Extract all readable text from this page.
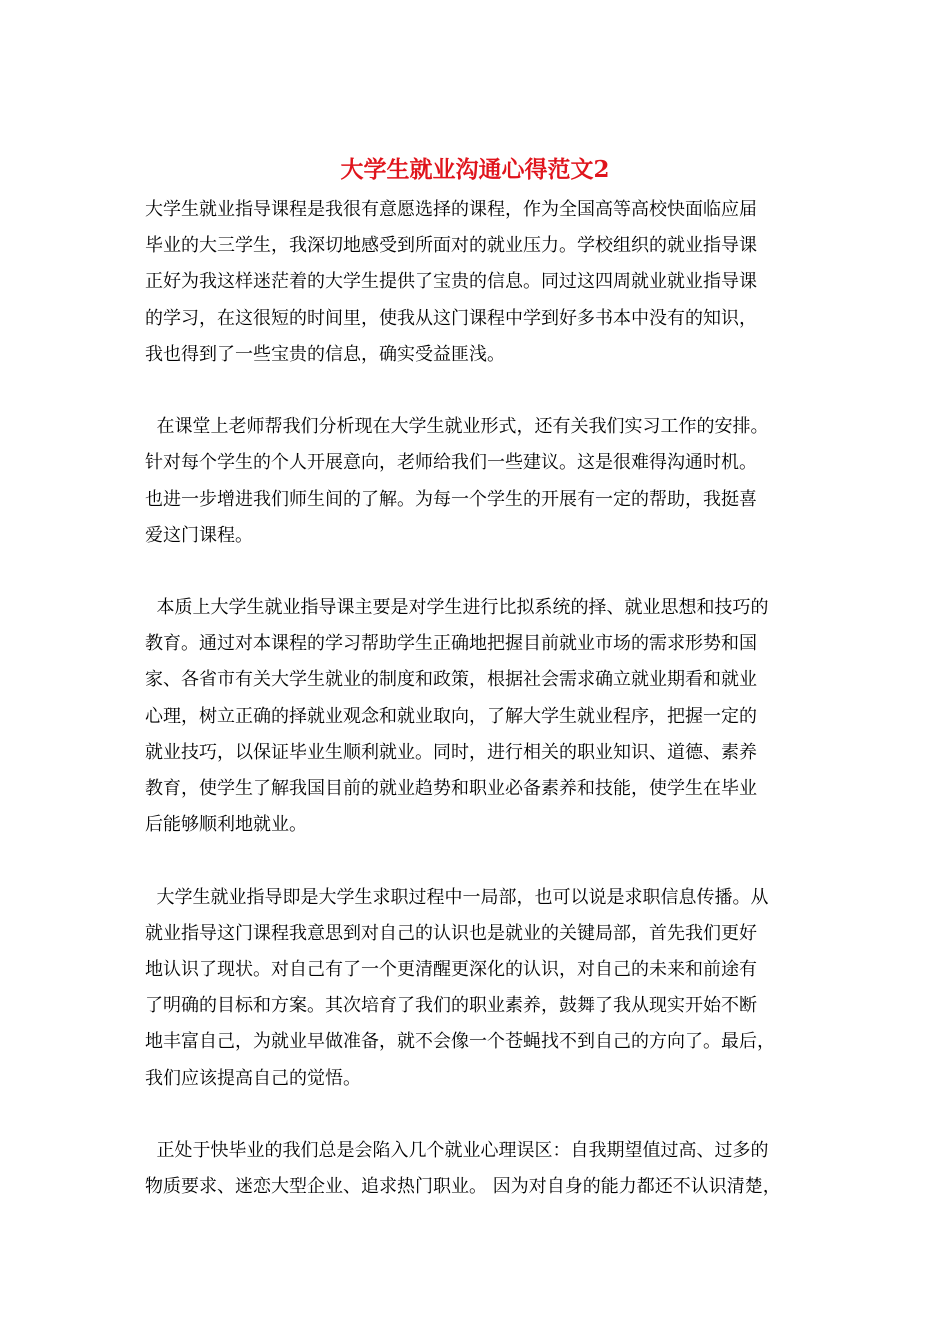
大学生就业沟通心得范文2
大学生就业指导课程是我很有意愿选择的课程，作为全国高等高校快面临应届
毕业的大三学生，我深切地感受到所面对的就业压力。学校组织的就业指导课
正好为我这样迷茫着的大学生提供了宝贵的信息。同过这四周就业就业指导课
的学习，在这很短的时间里，使我从这门课程中学到好多书本中没有的知识，
我也得到了一些宝贵的信息，确实受益匪浅。
在课堂上老师帮我们分析现在大学生就业形式，还有关我们实习工作的安排。
针对每个学生的个人开展意向，老师给我们一些建议。这是很难得沟通时机。
也进一步增进我们师生间的了解。为每一个学生的开展有一定的帮助，我挺喜
爱这门课程。
本质上大学生就业指导课主要是对学生进行比拟系统的择、就业思想和技巧的
教育。通过对本课程的学习帮助学生正确地把握目前就业市场的需求形势和国
家、各省市有关大学生就业的制度和政策，根据社会需求确立就业期看和就业
心理，树立正确的择就业观念和就业取向，了解大学生就业程序，把握一定的
就业技巧，以保证毕业生顺利就业。同时，进行相关的职业知识、道德、素养
教育，使学生了解我国目前的就业趋势和职业必备素养和技能，使学生在毕业
后能够顺利地就业。
大学生就业指导即是大学生求职过程中一局部，也可以说是求职信息传播。从
就业指导这门课程我意思到对自己的认识也是就业的关键局部，首先我们更好
地认识了现状。对自己有了一个更清醒更深化的认识，对自己的未来和前途有
了明确的目标和方案。其次培育了我们的职业素养，鼓舞了我从现实开始不断
地丰富自己，为就业早做准备，就不会像一个苍蝇找不到自己的方向了。最后，
我们应该提高自己的觉悟。
正处于快毕业的我们总是会陷入几个就业心理误区：自我期望值过高、过多的
物质要求、迷恋大型企业、追求热门职业。 因为对自身的能力都还不认识清楚，
